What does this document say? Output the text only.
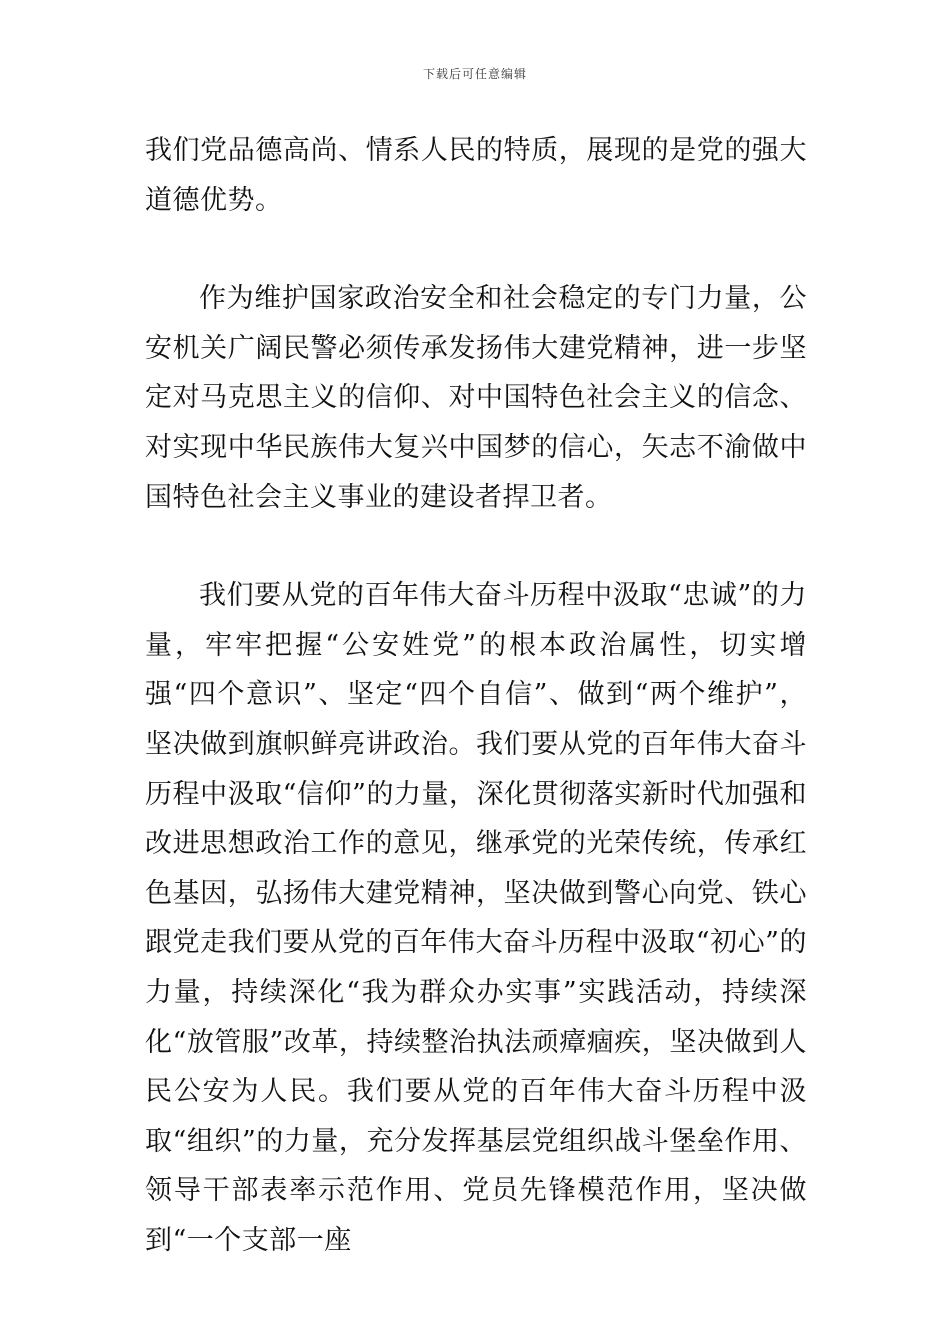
下载后可任意编辑

我们党品德高尚、情系人民的特质，展现的是党的强大道德优势。

作为维护国家政治安全和社会稳定的专门力量，公安机关广阔民警必须传承发扬伟大建党精神，进一步坚定对马克思主义的信仰、对中国特色社会主义的信念、对实现中华民族伟大复兴中国梦的信心，矢志不渝做中国特色社会主义事业的建设者捍卫者。

我们要从党的百年伟大奋斗历程中汲取“忠诚”的力量，牢牢把握“公安姓党”的根本政治属性，切实增强“四个意识”、坚定“四个自信”、做到“两个维护”，坚决做到旗帜鲜亮讲政治。我们要从党的百年伟大奋斗历程中汲取“信仰”的力量，深化贯彻落实新时代加强和改进思想政治工作的意见，继承党的光荣传统，传承红色基因，弘扬伟大建党精神，坚决做到警心向党、铁心跟党走我们要从党的百年伟大奋斗历程中汲取“初心”的力量，持续深化“我为群众办实事”实践活动，持续深化“放管服”改革，持续整治执法顽瘴痼疾，坚决做到人民公安为人民。我们要从党的百年伟大奋斗历程中汲取“组织”的力量，充分发挥基层党组织战斗堡垒作用、领导干部表率示范作用、党员先锋模范作用，坚决做到“一个支部一座
